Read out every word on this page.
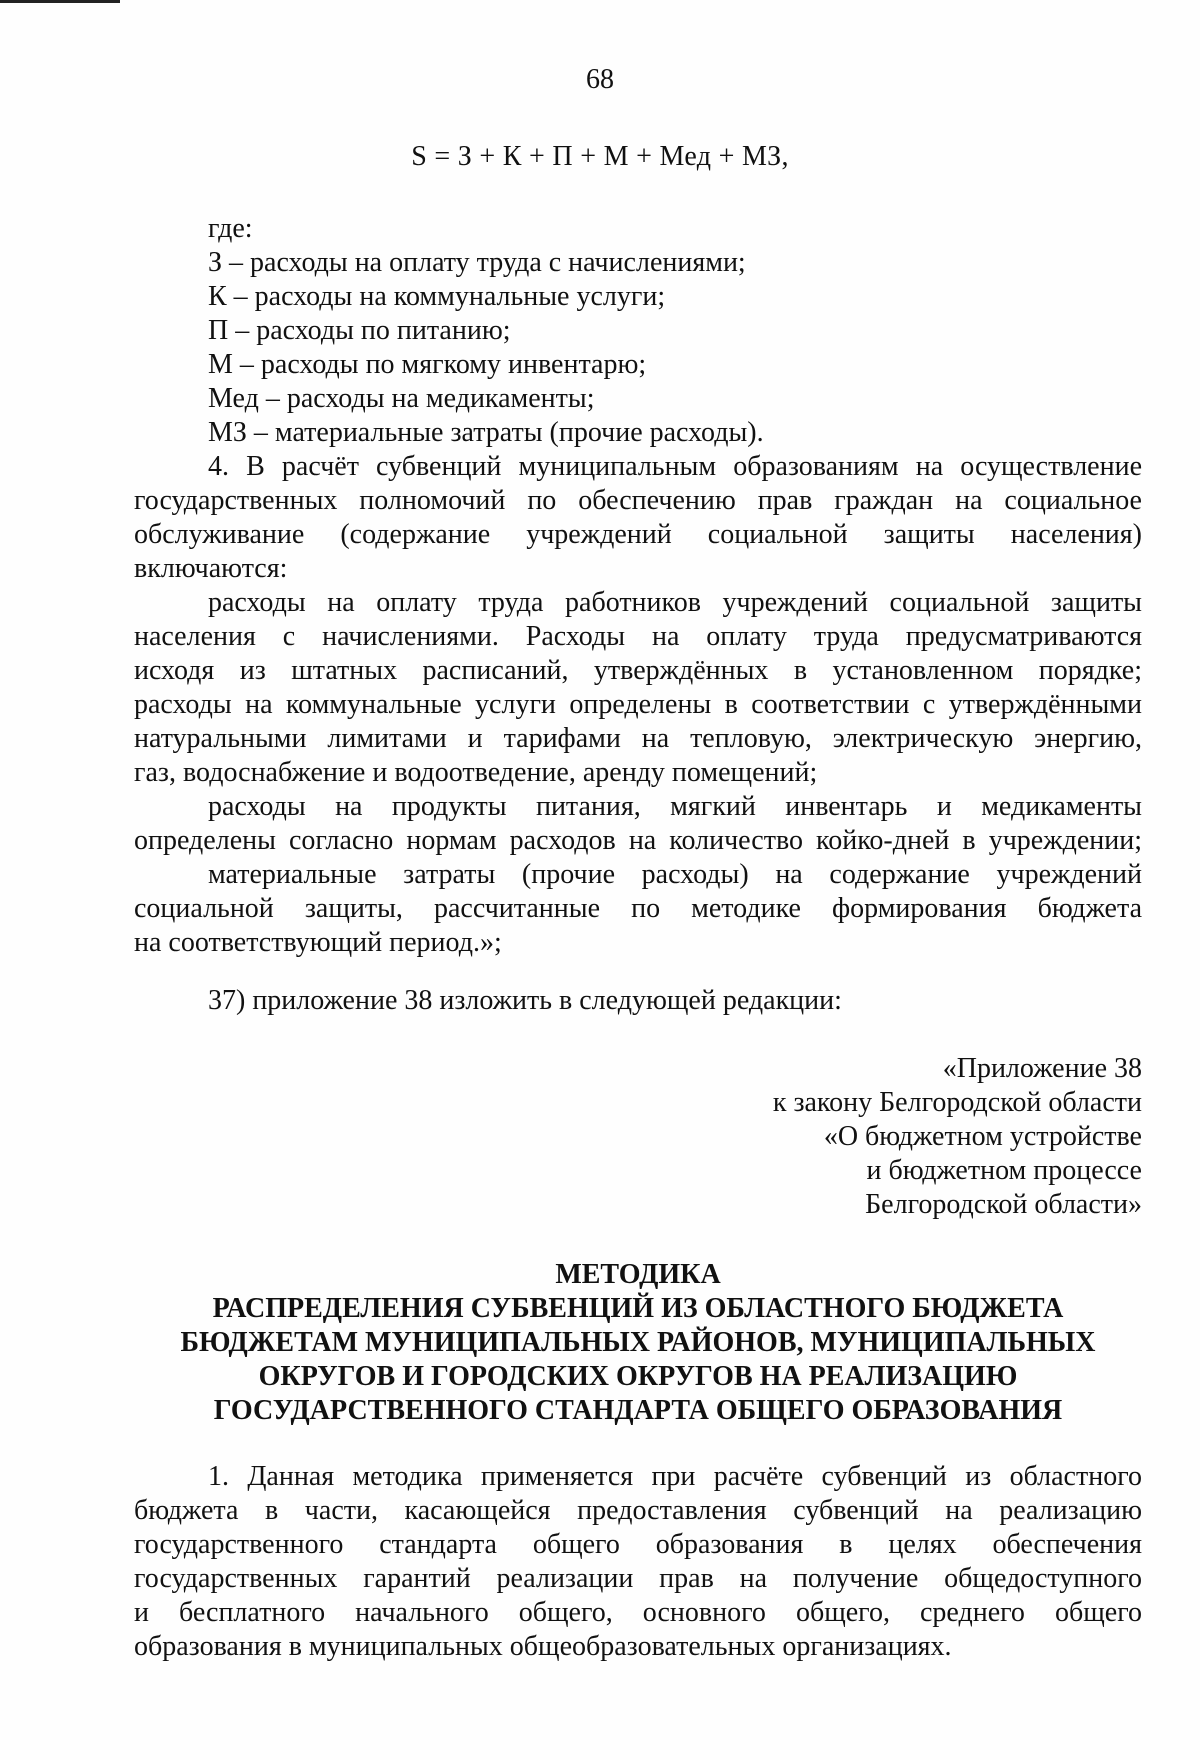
68
S = З + К + П + М + Мед + МЗ,
где:
З – расходы на оплату труда с начислениями;
К – расходы на коммунальные услуги;
П – расходы по питанию;
М – расходы по мягкому инвентарю;
Мед – расходы на медикаменты;
МЗ – материальные затраты (прочие расходы).
4. В расчёт субвенций муниципальным образованиям на осуществление
государственных полномочий по обеспечению прав граждан на социальное
обслуживание (содержание учреждений социальной защиты населения)
включаются:
расходы на оплату труда работников учреждений социальной защиты
населения с начислениями. Расходы на оплату труда предусматриваются
исходя из штатных расписаний, утверждённых в установленном порядке;
расходы на коммунальные услуги определены в соответствии с утверждёнными
натуральными лимитами и тарифами на тепловую, электрическую энергию,
газ, водоснабжение и водоотведение, аренду помещений;
расходы на продукты питания, мягкий инвентарь и медикаменты
определены согласно нормам расходов на количество койко-дней в учреждении;
материальные затраты (прочие расходы) на содержание учреждений
социальной защиты, рассчитанные по методике формирования бюджета
на соответствующий период.»;
37) приложение 38 изложить в следующей редакции:
«Приложение 38
к закону Белгородской области
«О бюджетном устройстве
и бюджетном процессе
Белгородской области»
МЕТОДИКА
РАСПРЕДЕЛЕНИЯ СУБВЕНЦИЙ ИЗ ОБЛАСТНОГО БЮДЖЕТА
БЮДЖЕТАМ МУНИЦИПАЛЬНЫХ РАЙОНОВ, МУНИЦИПАЛЬНЫХ
ОКРУГОВ И ГОРОДСКИХ ОКРУГОВ НА РЕАЛИЗАЦИЮ
ГОСУДАРСТВЕННОГО СТАНДАРТА ОБЩЕГО ОБРАЗОВАНИЯ
1. Данная методика применяется при расчёте субвенций из областного
бюджета в части, касающейся предоставления субвенций на реализацию
государственного стандарта общего образования в целях обеспечения
государственных гарантий реализации прав на получение общедоступного
и бесплатного начального общего, основного общего, среднего общего
образования в муниципальных общеобразовательных организациях.
